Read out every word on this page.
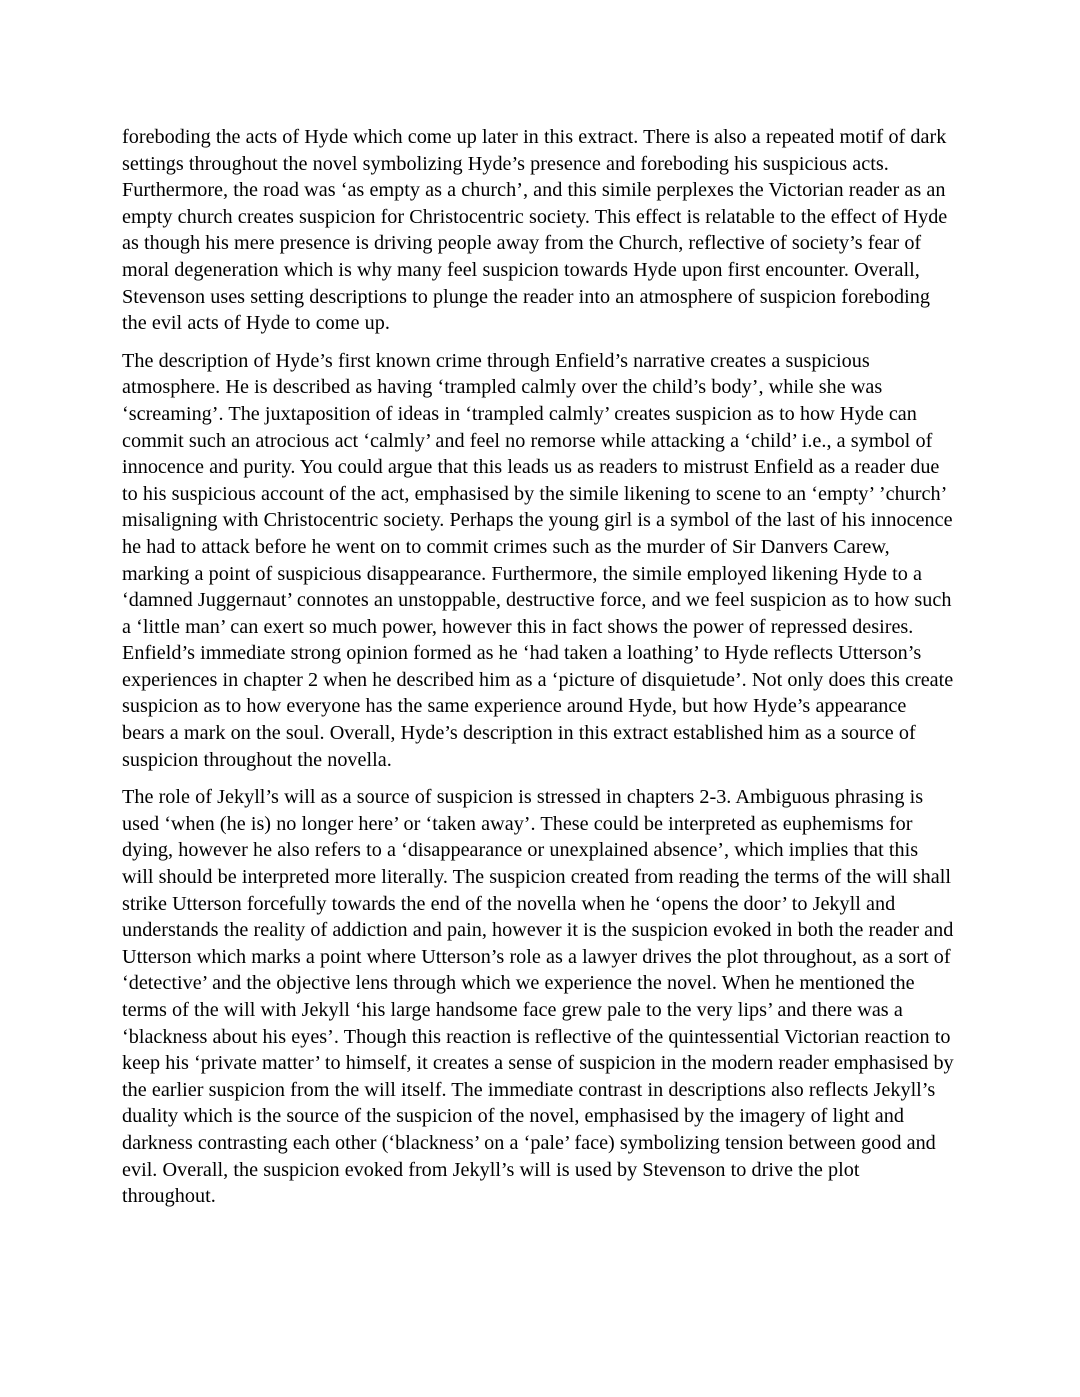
foreboding the acts of Hyde which come up later in this extract. There is also a repeated motif of dark settings throughout the novel symbolizing Hyde’s presence and foreboding his suspicious acts. Furthermore, the road was ‘as empty as a church’, and this simile perplexes the Victorian reader as an empty church creates suspicion for Christocentric society. This effect is relatable to the effect of Hyde as though his mere presence is driving people away from the Church, reflective of society’s fear of moral degeneration which is why many feel suspicion towards Hyde upon first encounter. Overall, Stevenson uses setting descriptions to plunge the reader into an atmosphere of suspicion foreboding the evil acts of Hyde to come up.

The description of Hyde’s first known crime through Enfield’s narrative creates a suspicious atmosphere. He is described as having ‘trampled calmly over the child’s body’, while she was ‘screaming’. The juxtaposition of ideas in ‘trampled calmly’ creates suspicion as to how Hyde can commit such an atrocious act ‘calmly’ and feel no remorse while attacking a ‘child’ i.e., a symbol of innocence and purity. You could argue that this leads us as readers to mistrust Enfield as a reader due to his suspicious account of the act, emphasised by the simile likening to scene to an ‘empty’ ’church’ misaligning with Christocentric society. Perhaps the young girl is a symbol of the last of his innocence he had to attack before he went on to commit crimes such as the murder of Sir Danvers Carew, marking a point of suspicious disappearance. Furthermore, the simile employed likening Hyde to a ‘damned Juggernaut’ connotes an unstoppable, destructive force, and we feel suspicion as to how such a ‘little man’ can exert so much power, however this in fact shows the power of repressed desires. Enfield’s immediate strong opinion formed as he ‘had taken a loathing’ to Hyde reflects Utterson’s experiences in chapter 2 when he described him as a ‘picture of disquietude’. Not only does this create suspicion as to how everyone has the same experience around Hyde, but how Hyde’s appearance bears a mark on the soul. Overall, Hyde’s description in this extract established him as a source of suspicion throughout the novella.

The role of Jekyll’s will as a source of suspicion is stressed in chapters 2-3. Ambiguous phrasing is used ‘when (he is) no longer here’ or ‘taken away’. These could be interpreted as euphemisms for dying, however he also refers to a ‘disappearance or unexplained absence’, which implies that this will should be interpreted more literally. The suspicion created from reading the terms of the will shall strike Utterson forcefully towards the end of the novella when he ‘opens the door’ to Jekyll and understands the reality of addiction and pain, however it is the suspicion evoked in both the reader and Utterson which marks a point where Utterson’s role as a lawyer drives the plot throughout, as a sort of ‘detective’ and the objective lens through which we experience the novel. When he mentioned the terms of the will with Jekyll ‘his large handsome face grew pale to the very lips’ and there was a ‘blackness about his eyes’. Though this reaction is reflective of the quintessential Victorian reaction to keep his ‘private matter’ to himself, it creates a sense of suspicion in the modern reader emphasised by the earlier suspicion from the will itself. The immediate contrast in descriptions also reflects Jekyll’s duality which is the source of the suspicion of the novel, emphasised by the imagery of light and darkness contrasting each other (‘blackness’ on a ‘pale’ face) symbolizing tension between good and evil. Overall, the suspicion evoked from Jekyll’s will is used by Stevenson to drive the plot throughout.
